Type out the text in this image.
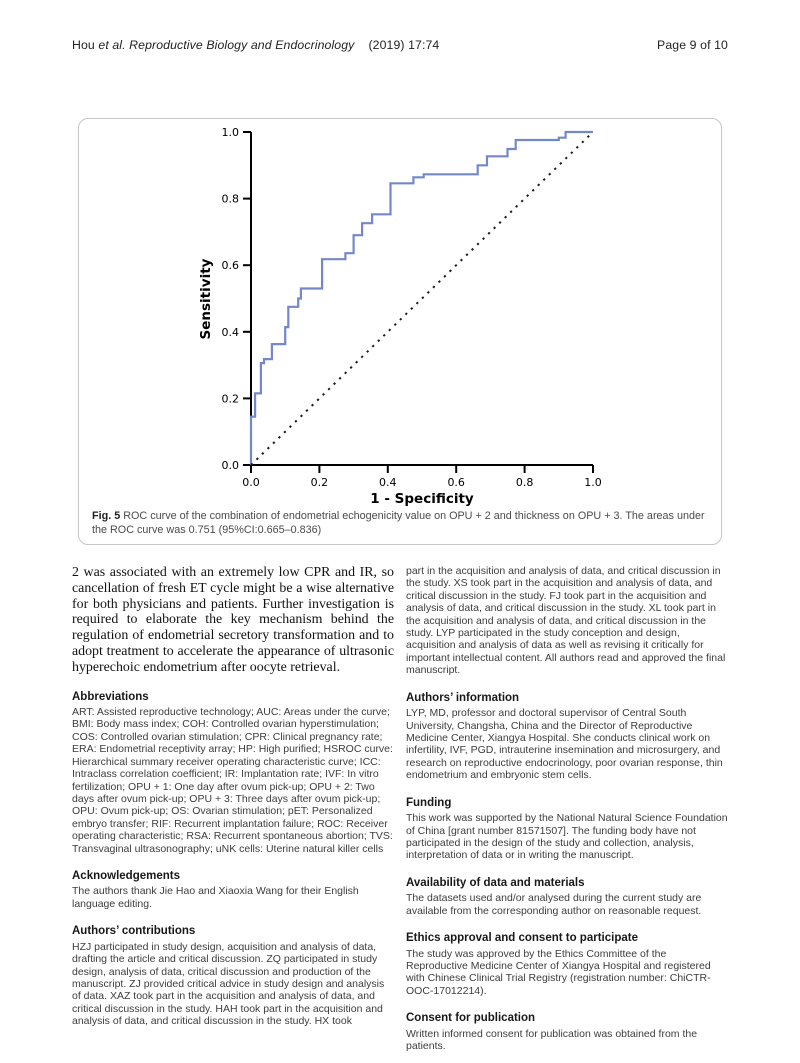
Hou et al. Reproductive Biology and Endocrinology (2019) 17:74	Page 9 of 10
Sensitivity
1 - Specificity
0.0
0.0
0.2
0.2
0.4
0.4
0.6
0.6
0.8
0.8
1.0
1.0
Fig. 5 ROC curve of the combination of endometrial echogenicity value on OPU + 2 and thickness on OPU + 3. The areas under the ROC curve was 0.751 (95%CI:0.665–0.836)
2 was associated with an extremely low CPR and IR, so cancellation of fresh ET cycle might be a wise alternative for both physicians and patients. Further investigation is required to elaborate the key mechanism behind the regulation of endometrial secretory transformation and to adopt treatment to accelerate the appearance of ultrasonic hyperechoic endometrium after oocyte retrieval.
Abbreviations
ART: Assisted reproductive technology; AUC: Areas under the curve; BMI: Body mass index; COH: Controlled ovarian hyperstimulation; COS: Controlled ovarian stimulation; CPR: Clinical pregnancy rate; ERA: Endometrial receptivity array; HP: High purified; HSROC curve: Hierarchical summary receiver operating characteristic curve; ICC: Intraclass correlation coefficient; IR: Implantation rate; IVF: In vitro fertilization; OPU + 1: One day after ovum pick-up; OPU + 2: Two days after ovum pick-up; OPU + 3: Three days after ovum pick-up; OPU: Ovum pick-up; OS: Ovarian stimulation; pET: Personalized embryo transfer; RIF: Recurrent implantation failure; ROC: Receiver operating characteristic; RSA: Recurrent spontaneous abortion; TVS: Transvaginal ultrasonography; uNK cells: Uterine natural killer cells
Acknowledgements
The authors thank Jie Hao and Xiaoxia Wang for their English language editing.
Authors’ contributions
HZJ participated in study design, acquisition and analysis of data, drafting the article and critical discussion. ZQ participated in study design, analysis of data, critical discussion and production of the manuscript. ZJ provided critical advice in study design and analysis of data. XAZ took part in the acquisition and analysis of data, and critical discussion in the study. HAH took part in the acquisition and analysis of data, and critical discussion in the study. HX took
part in the acquisition and analysis of data, and critical discussion in the study. XS took part in the acquisition and analysis of data, and critical discussion in the study. FJ took part in the acquisition and analysis of data, and critical discussion in the study. XL took part in the acquisition and analysis of data, and critical discussion in the study. LYP participated in the study conception and design, acquisition and analysis of data as well as revising it critically for important intellectual content. All authors read and approved the final manuscript.
Authors’ information
LYP, MD, professor and doctoral supervisor of Central South University, Changsha, China and the Director of Reproductive Medicine Center, Xiangya Hospital. She conducts clinical work on infertility, IVF, PGD, intrauterine insemination and microsurgery, and research on reproductive endocrinology, poor ovarian response, thin endometrium and embryonic stem cells.
Funding
This work was supported by the National Natural Science Foundation of China [grant number 81571507]. The funding body have not participated in the design of the study and collection, analysis, interpretation of data or in writing the manuscript.
Availability of data and materials
The datasets used and/or analysed during the current study are available from the corresponding author on reasonable request.
Ethics approval and consent to participate
The study was approved by the Ethics Committee of the Reproductive Medicine Center of Xiangya Hospital and registered with Chinese Clinical Trial Registry (registration number: ChiCTR-OOC-17012214).
Consent for publication
Written informed consent for publication was obtained from the patients.
